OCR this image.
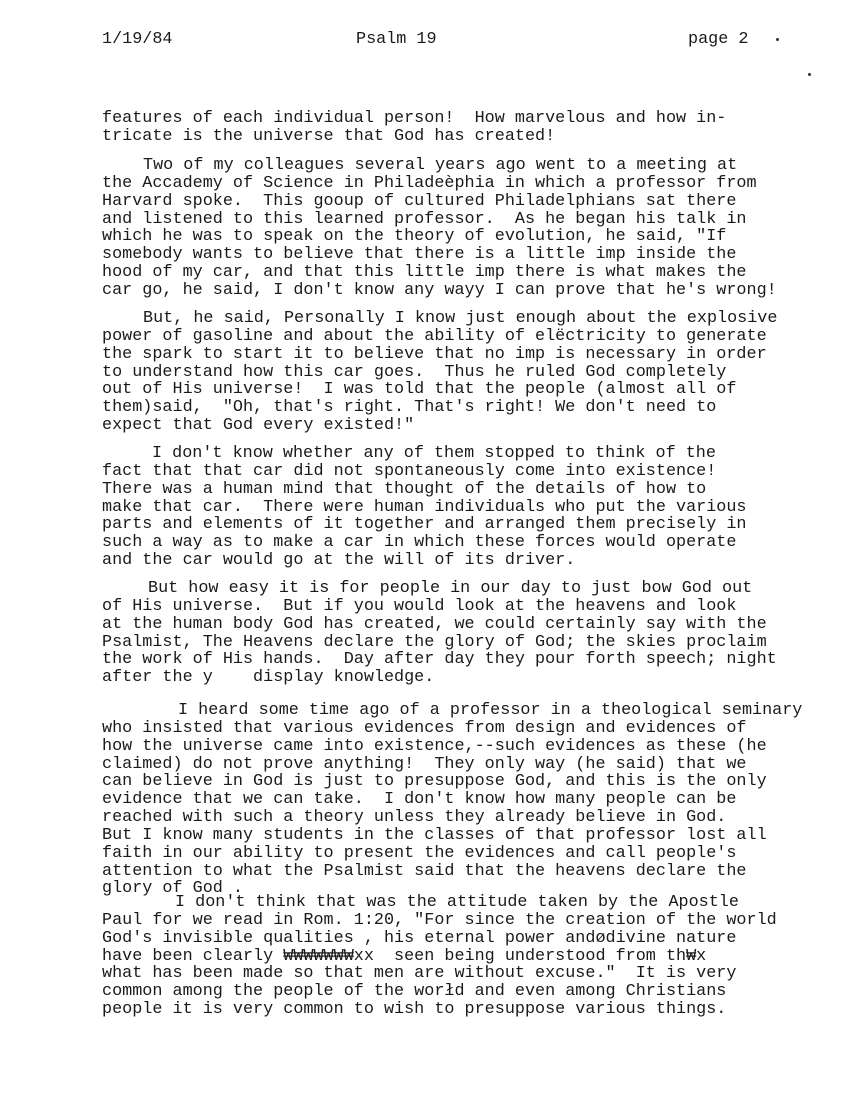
1/19/84	Psalm 19	page 2
features of each individual person!  How marvelous and how in-
tricate is the universe that God has created!
Two of my colleagues several years ago went to a meeting at
the Accademy of Science in Philadeèphia in which a professor from
Harvard spoke.  This gooup of cultured Philadelphians sat there
and listened to this learned professor.  As he began his talk in
which he was to speak on the theory of evolution, he said, "If
somebody wants to believe that there is a little imp inside the
hood of my car, and that this little imp there is what makes the
car go, he said, I don't know any wayy I can prove that he's wrong!
But, he said, Personally I know just enough about the explosive
power of gasoline and about the ability of elëctricity to generate
the spark to start it to believe that no imp is necessary in order
to understand how this car goes.  Thus he ruled God completely
out of His universe!  I was told that the people (almost all of
them)said,  "Oh, that's right. That's right! We don't need to
expect that God every existed!"
I don't know whether any of them stopped to think of the
fact that that car did not spontaneously come into existence!
There was a human mind that thought of the details of how to
make that car.  There were human individuals who put the various
parts and elements of it together and arranged them precisely in
such a way as to make a car in which these forces would operate
and the car would go at the will of its driver.
But how easy it is for people in our day to just bow God out
of His universe.  But if you would look at the heavens and look
at the human body God has created, we could certainly say with the
Psalmist, The Heavens declare the glory of God; the skies proclaim
the work of His hands.  Day after day they pour forth speech; night
after the y    display knowledge.
I heard some time ago of a professor in a theological seminary
who insisted that various evidences from design and evidences of
how the universe came into existence,--such evidences as these (he
claimed) do not prove anything!  They only way (he said) that we
can believe in God is just to presuppose God, and this is the only
evidence that we can take.  I don't know how many people can be
reached with such a theory unless they already believe in God.
But I know many students in the classes of that professor lost all
faith in our ability to present the evidences and call people's
attention to what the Psalmist said that the heavens declare the
glory of God .
I don't think that was the attitude taken by the Apostle
Paul for we read in Rom. 1:20, "For since the creation of the world
God's invisible qualities , his eternal power andødivine nature
have been clearly ₩₩₩₩₩₩₩xx  seen being understood from th₩x
what has been made so that men are without excuse."  It is very
common among the people of the worłd and even among Christians
people it is very common to wish to presuppose various things.
